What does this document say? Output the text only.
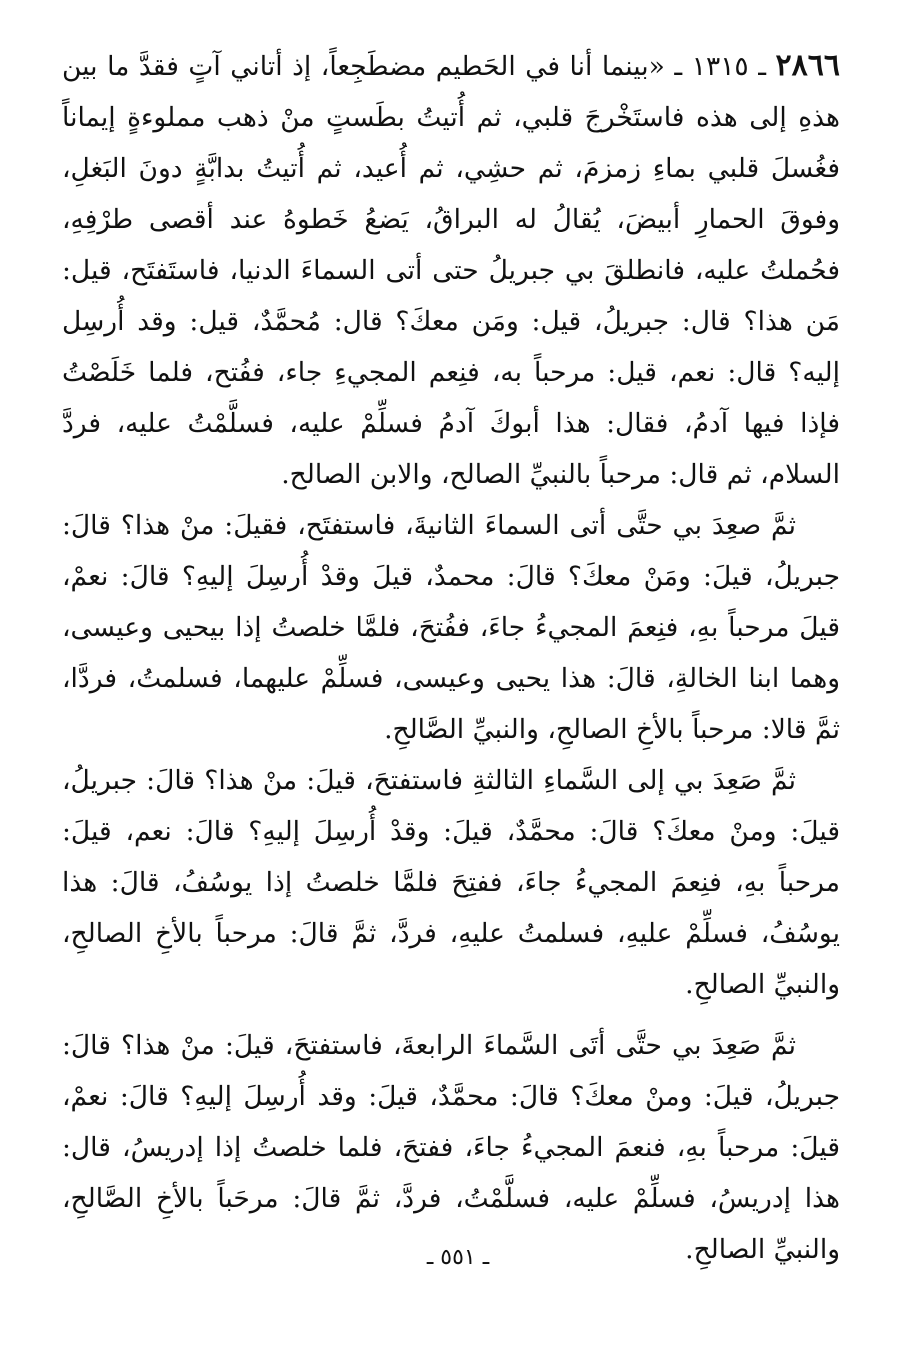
٢٨٦٦ ـ ١٣١٥ ـ «بينما أنا في الحَطيم مضطَجِعاً، إذ أتاني آتٍ فقدَّ ما بين هذهِ إلى هذه فاستَخْرجَ قلبي، ثم أُتيتُ بطَستٍ منْ ذهب مملوءةٍ إيماناً فغُسلَ قلبي بماءِ زمزمَ، ثم حشِي، ثم أُعيد، ثم أُتيتُ بدابَّةٍ دونَ البَغلِ، وفوقَ الحمارِ أبيضَ، يُقالُ له البراقُ، يَضعُ خَطوهُ عند أقصى طرْفِهِ، فحُملتُ عليه، فانطلقَ بي جبريلُ حتى أتى السماءَ الدنيا، فاستَفتَح، قيل: مَن هذا؟ قال: جبريلُ، قيل: ومَن معكَ؟ قال: مُحمَّدٌ، قيل: وقد أُرسِل إليه؟ قال: نعم، قيل: مرحباً به، فنِعم المجيءِ جاء، ففُتح، فلما خَلَصْتُ فإذا فيها آدمُ، فقال: هذا أبوكَ آدمُ فسلِّمْ عليه، فسلَّمْتُ عليه، فردَّ السلام، ثم قال: مرحباً بالنبيِّ الصالح، والابن الصالح.

ثمَّ صعِدَ بي حتَّى أتى السماءَ الثانيةَ، فاستفتَح، فقيلَ: منْ هذا؟ قالَ: جبريلُ، قيلَ: ومَنْ معكَ؟ قالَ: محمدٌ، قيلَ وقدْ أُرسِلَ إليهِ؟ قالَ: نعمْ، قيلَ مرحباً بهِ، فنِعمَ المجيءُ جاءَ، ففُتحَ، فلمَّا خلصتُ إذا بيحيى وعيسى، وهما ابنا الخالةِ، قالَ: هذا يحيى وعيسى، فسلِّمْ عليهما، فسلمتُ، فردَّا، ثمَّ قالا: مرحباً بالأخِ الصالحِ، والنبيِّ الصَّالحِ.

ثمَّ صَعِدَ بي إلى السَّماءِ الثالثةِ فاستفتحَ، قيلَ: منْ هذا؟ قالَ: جبريلُ، قيلَ: ومنْ معكَ؟ قالَ: محمَّدٌ، قيلَ: وقدْ أُرسِلَ إليهِ؟ قالَ: نعم، قيلَ: مرحباً بهِ، فنِعمَ المجيءُ جاءَ، ففتِحَ فلمَّا خلصتُ إذا يوسُفُ، قالَ: هذا يوسُفُ، فسلِّمْ عليهِ، فسلمتُ عليهِ، فردَّ، ثمَّ قالَ: مرحباً بالأخِ الصالحِ، والنبيِّ الصالحِ.

ثمَّ صَعِدَ بي حتَّى أتَى السَّماءَ الرابعةَ، فاستفتحَ، قيلَ: منْ هذا؟ قالَ: جبريلُ، قيلَ: ومنْ معكَ؟ قالَ: محمَّدٌ، قيلَ: وقد أُرسِلَ إليهِ؟ قالَ: نعمْ، قيلَ: مرحباً بهِ، فنعمَ المجيءُ جاءَ، ففتحَ، فلما خلصتُ إذا إدريسُ، قال: هذا إدريسُ، فسلِّمْ عليه، فسلَّمْتُ، فردَّ، ثمَّ قالَ: مرحَباً بالأخِ الصَّالحِ، والنبيِّ الصالحِ.

ـ ٥٥١ ـ
